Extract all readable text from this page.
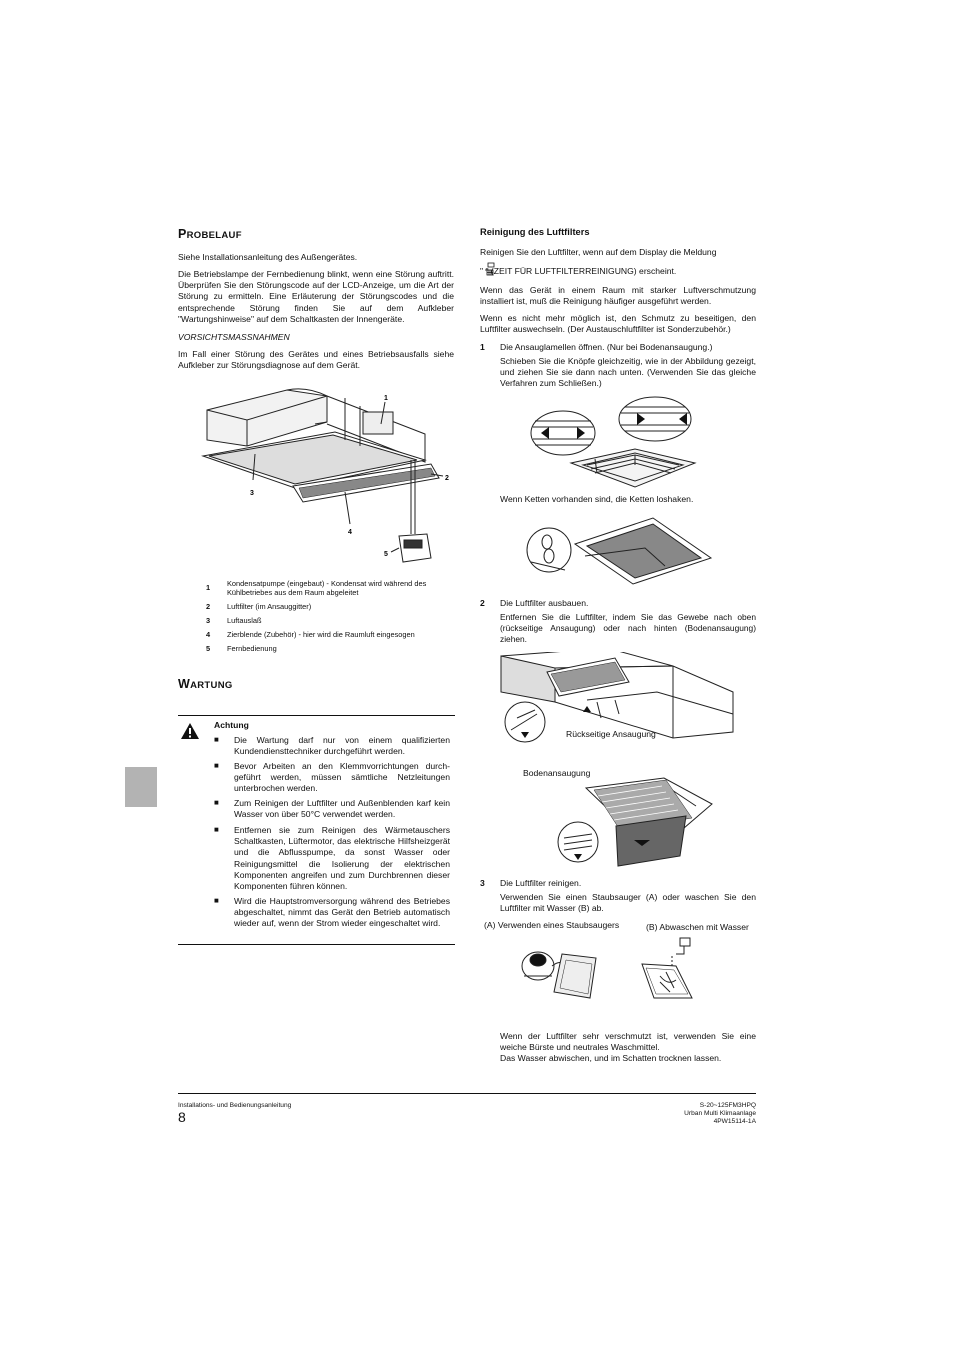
PROBELAUF

Siehe Installationsanleitung des Außengerätes.

Die Betriebslampe der Fernbedienung blinkt, wenn eine Störung auftritt. Überprüfen Sie den Störungscode auf der LCD-Anzeige, um die Art der Störung zu ermitteln. Eine Erläuterung der Störungscodes und die entsprechende Störung finden Sie auf dem Aufkleber "Wartungshinweise" auf dem Schaltkasten der Innengeräte.

VORSICHTSMASSNAHMEN

Im Fall einer Störung des Gerätes und eines Betriebsausfalls siehe Aufkleber zur Störungsdiagnose auf dem Gerät.

1
2
3
4
5
1 Kondensatpumpe (eingebaut) - Kondensat wird während des Kühlbetriebes aus dem Raum abgeleitet
2 Luftfilter (im Ansauggitter)
3 Luftauslaß
4 Zierblende (Zubehör) - hier wird die Raumluft eingesogen
5 Fernbedienung
WARTUNG
Achtung
■ Die Wartung darf nur von einem qualifizierten Kundendiensttechniker durchgeführt werden.

■ Bevor Arbeiten an den Klemmvorrichtungen durch-geführt werden, müssen sämtliche Netzleitungen unterbrochen werden.

■ Zum Reinigen der Luftfilter und Außenblenden karf kein Wasser von über 50°C verwendet werden.

■ Entfernen sie zum Reinigen des Wärmetauschers Schaltkasten, Lüftermotor, das elektrische Hilfsheizgerät und die Abflusspumpe, da sonst Wasser oder Reinigungsmittel die Isolierung der elektrischen Komponenten angreifen und zum Durchbrennen dieser Komponenten führen können.

■ Wird die Hauptstromversorgung während des Betriebes abgeschaltet, nimmt das Gerät den Betrieb automatisch wieder auf, wenn der Strom wieder eingeschaltet wird.

Reinigung des Luftfilters

Reinigen Sie den Luftfilter, wenn auf dem Display die Meldung

" " (ZEIT FÜR LUFTFILTERREINIGUNG) erscheint.

Wenn das Gerät in einem Raum mit starker Luftverschmutzung installiert ist, muß die Reinigung häufiger ausgeführt werden.

Wenn es nicht mehr möglich ist, den Schmutz zu beseitigen, den Luftfilter auswechseln. (Der Austauschluftfilter ist Sonderzubehör.)

1 Die Ansauglamellen öffnen. (Nur bei Bodenansaugung.)

Schieben Sie die Knöpfe gleichzeitig, wie in der Abbildung gezeigt, und ziehen Sie sie dann nach unten. (Verwenden Sie das gleiche Verfahren zum Schließen.)

Wenn Ketten vorhanden sind, die Ketten loshaken.

2 Die Luftfilter ausbauen.

Entfernen Sie die Luftfilter, indem Sie das Gewebe nach oben (rückseitige Ansaugung) oder nach hinten (Bodenansaugung) ziehen.

Rückseitige Ansaugung
Bodenansaugung
3 Die Luftfilter reinigen.

Verwenden Sie einen Staubsauger (A) oder waschen Sie den Luftfilter mit Wasser (B) ab.

(A) Verwenden eines Staubsaugers	(B) Abwaschen mit Wasser

Wenn der Luftfilter sehr verschmutzt ist, verwenden Sie eine weiche Bürste und neutrales Waschmittel.

Das Wasser abwischen, und im Schatten trocknen lassen.

Installations- und Bedienungsanleitung
8
S-20~125FM3HPQ
Urban Multi Klimaanlage
4PW15114-1A
